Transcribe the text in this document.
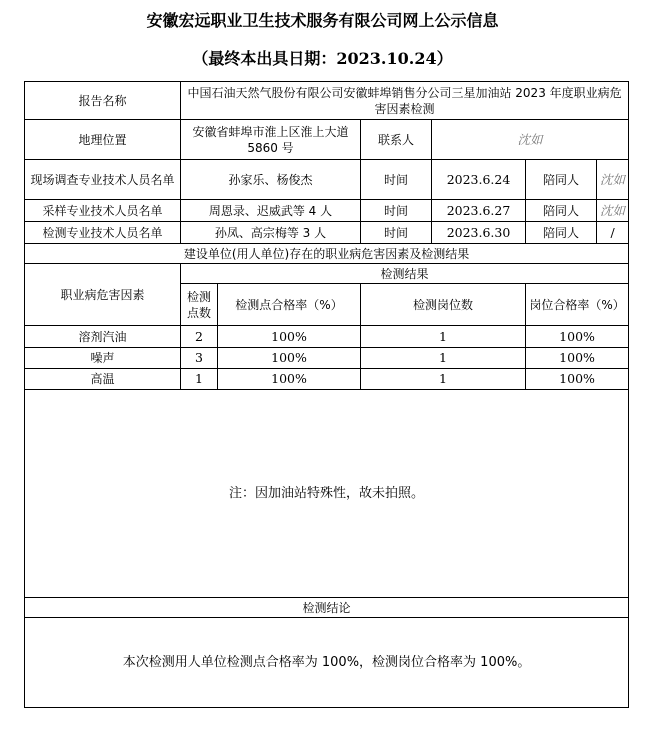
安徽宏远职业卫生技术服务有限公司网上公示信息
（最终本出具日期：2023.10.24）
报告名称	中国石油天然气股份有限公司安徽蚌埠销售分公司三星加油站 2023 年度职业病危害因素检测					
地理位置	安徽省蚌埠市淮上区淮上大道 5860 号		联系人	沈如		
现场调查专业技术人员名单	孙家乐、杨俊杰		时间	2023.6.24	陪同人	沈如
采样专业技术人员名单	周恩录、迟威武等 4 人		时间	2023.6.27	陪同人	沈如
检测专业技术人员名单	孙凤、高宗梅等 3 人		时间	2023.6.30	陪同人	/
建设单位(用人单位)存在的职业病危害因素及检测结果						
职业病危害因素	检测结果					
	检测点数	检测点合格率（%）	检测岗位数		岗位合格率（%）	
溶剂汽油	2	100%	1		100%	
噪声	3	100%	1		100%	
高温	1	100%	1		100%	
注：因加油站特殊性，故未拍照。						
检测结论						
本次检测用人单位检测点合格率为 100%，检测岗位合格率为 100%。						
